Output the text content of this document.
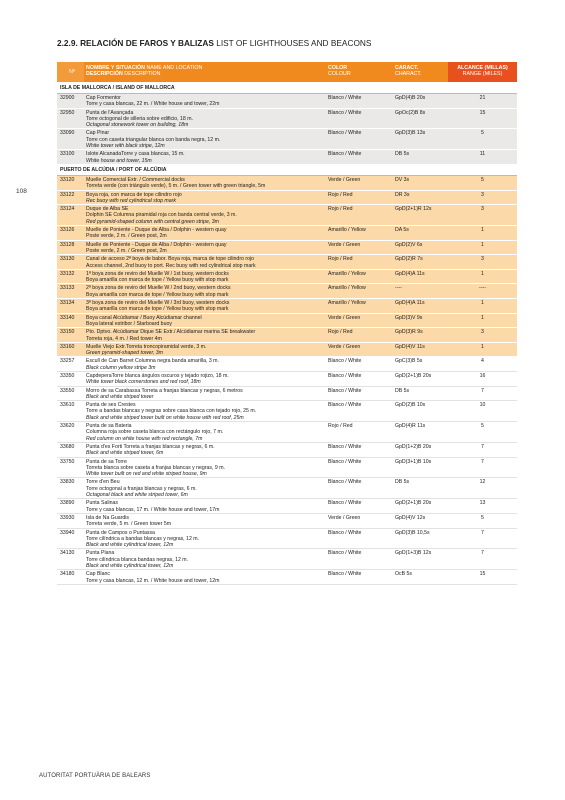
2.2.9. RELACIÓN DE FAROS Y BALIZAS LIST OF LIGHTHOUSES AND BEACONS
108
Nº
NOMBRE Y SITUACIÓN NAME AND LOCATION
DESCRIPCIÓN DESCRIPTION
COLOR
COLOUR
CARACT.
CHARACT.
ALCANCE (MILLAS)
RANGE (MILES)
ISLA DE MALLORCA / ISLAND OF MALLORCA
32900	Cap Formentor
Torre y casa blancas, 22 m. / White house and tower, 22m
Blanco / White	GpD(4)B 20s	21
32950	Punta de l'Avançada
Torre octogonal de silleria sobre edificio, 18 m.
Octagonal stonework tower on building, 18m
Blanco / White	GpOc(2)B 8s	15
33090	Cap Pinar
Torre con caseta triangular blanca con banda negra, 12 m.
White tower with black stripe, 12m
Blanco / White	GpD(3)B 13s	5
33100	Islote AlcanadaTorre y casa blancas, 15 m.
White house and tower, 15m
Blanco / White	DB 5s	11
PUERTO DE ALCÚDIA / PORT OF ALCÚDIA
33120	Muelle Comercial Extr. / Commercial docks
Torreta verde (con triángulo verde), 5 m. / Green tower with green triangle, 5m
Verde / Green	DV 3s	5
33122	Boya roja, con marca de tope cilindro rojo
Rec buoy with red cylindrical stop mark
Rojo / Red	DR 3s	3
33124	Duque de Alba SE
Dolphin SE Columna piramidal roja con banda central verde, 3 m.
Red pyramid-shaped column with central green stripe, 3m
Rojo / Red	GpD(2+1)R 12s	3
33126	Muelle de Poniente - Duque de Alba / Dolphin - western quay
Poste verde, 2 m. / Green post, 2m
Amarillo / Yellow	DA 5s	1
33128	Muelle de Poniente - Duque de Alba / Dolphin - western quay
Poste verde, 2 m. / Green post, 2m
Verde / Green	GpD(2)V 6s	1
33130	Canal de acceso 2ª boya de babor. Boya roja, marca de tope cilindro rojo
Access channel, 2nd buoy to port. Rec buoy with red cylindrical stop mark
Rojo / Red	GpD(2)R 7s	3
33132	1ª boya zona de reviro del Muelle W / 1st buoy, western docks
Boya amarilla con marca de tope / Yellow buoy with stop mark
Amarillo / Yellow	GpD(4)A 11s	1
33133	2ª boya zona de reviro del Muelle W / 2nd buoy, western docks
Boya amarilla con marca de tope / Yellow buoy with stop mark
Amarillo / Yellow	----	----
33134	3ª boya zona de reviro del Muelle W / 3rd buoy, western docks
Boya amarilla con marca de tope / Yellow buoy with stop mark
Amarillo / Yellow	GpD(4)A 11s	1
33140	Boya canal Alcúdiamar / Buoy Alcúdiamar channel
Boya lateral estribor / Starboard buoy
Verde / Green	GpD(3)V 9s	1
33150	Pto. Dptvo. Alcúdiamar Dique SE Extr./ Alcúdiamar marina SE breakwater
Torreta roja, 4 m. / Red tower 4m
Rojo / Red	GpD(3)R 9s	3
33160	Muelle Viejo Extr.Torreta troncopiramidal verde, 3 m.
Green pyramid-shaped tower, 3m
Verde / Green	GpD(4)V 11s	1
33257	Escull de Can Barret Columna negra banda amarilla, 3 m.
Black column yellow stripe 3m
Blanco / White	GpC(3)B 5s	4
33350	CapdeperaTorre blanca ángulos oscuros y tejado rojizo, 18 m.
White tower black cornerstones and red roof, 18m
Blanco / White	GpD(2+1)B 20s	16
33550	Morro de sa Carabassa Torreta a franjas blancas y negras, 6 metros
Black and white striped tower
Blanco / White	DB 5s	7
33610	Punta de ses Crestes
Torre a bandas blancas y negras sobre casa blanca con tejado rojo, 25 m.
Black and white striped tower built on white house with red roof, 25m
Blanco / White	GpD(2)B 10s	10
33620	Punta de sa Bateria
Columna roja sobre caseta blanca con rectángulo rojo, 7 m.
Red column on white house with red rectangle, 7m
Rojo / Red	GpD(4)R 11s	5
33680	Punta d'es Forti Torreta a franjas blancas y negras, 6 m.
Black and white striped tower, 6m
Blanco / White	GpD(1+2)B 20s	7
33750	Punta de sa Torre
Torreta blanca sobre caseta a franjas blancas y negras, 9 m.
White tower built on red and white striped house, 9m
Blanco / White	GpD(3+1)B 10s	7
33830	Torre d'en Beu
Torre octogonal a franjas blancas y negras, 6 m.
Octagonal black and white striped tower, 6m
Blanco / White	DB 5s	12
33890	Punta Salinas
Torre y casa blancas, 17 m. / White house and tower, 17m
Blanco / White	GpD(2+1)B 20s	13
33930	Isla de Na Guardis
Torreta verde, 5 m. / Green tower 5m
Verde / Green	GpD(4)V 12s	5
33940	Punta de Campos o Puntassa
Torre cilíndrica a bandas blancas y negras, 12 m.
Black and white cylindrical tower, 12m
Blanco / White	GpD(3)B 10,5s	7
34130	Punta Plana
Torre cilíndrica blanca bandas negras, 12 m.
Black and white cylindrical tower, 12m
Blanco / White	GpD(1+3)B 12s	7
34180	Cap Blanc
Torre y casa blancas, 12 m. / White house and tower, 12m
Blanco / White	OcB 5s	15
AUTORITAT PORTUÀRIA DE BALEARS
